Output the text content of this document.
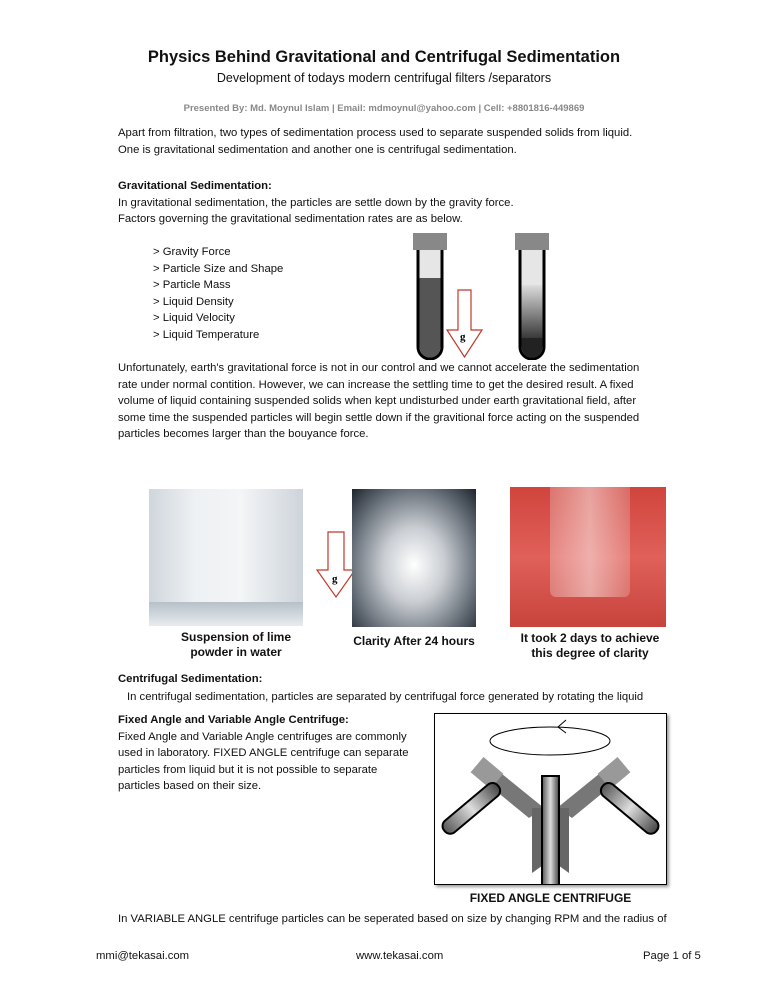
Physics Behind Gravitational and Centrifugal Sedimentation
Development of todays modern centrifugal filters /separators
Presented By: Md. Moynul Islam | Email: mdmoynul@yahoo.com | Cell: +8801816-449869
Apart from filtration, two types of sedimentation process used to separate suspended solids from liquid.
One is gravitational sedimentation and another one is centrifugal sedimentation.
Gravitational Sedimentation:
In gravitational sedimentation, the particles are settle down by the gravity force.
Factors governing the gravitational sedimentation rates are as below.
> Gravity Force
> Particle Size and Shape
> Particle Mass
> Liquid Density
> Liquid Velocity
> Liquid Temperature	g
Unfortunately, earth's gravitational force is not in our control and we cannot accelerate the sedimentation
rate under normal contition. However, we can increase the settling time to get the desired result. A fixed
volume of liquid containing suspended solids when kept undisturbed under earth gravitational field, after
some time the suspended particles will begin settle down if the gravitional force acting on the suspended
particles becomes larger than the bouyance force.
g
Suspension of lime
powder in water
Clarity After 24 hours	It took 2 days to achieve
this degree of clarity
Centrifugal Sedimentation:
In centrifugal sedimentation, particles are separated by centrifugal force generated by rotating the liquid
Fixed Angle and Variable Angle Centrifuge:
Fixed Angle and Variable Angle centrifuges are commonly
used in laboratory. FIXED ANGLE centrifuge can separate
particles from liquid but it is not possible to separate
particles based on their size.
FIXED ANGLE CENTRIFUGE
In VARIABLE ANGLE centrifuge particles can be seperated based on size by changing RPM and the radius of
mmi@tekasai.com	www.tekasai.com	Page 1 of 5
